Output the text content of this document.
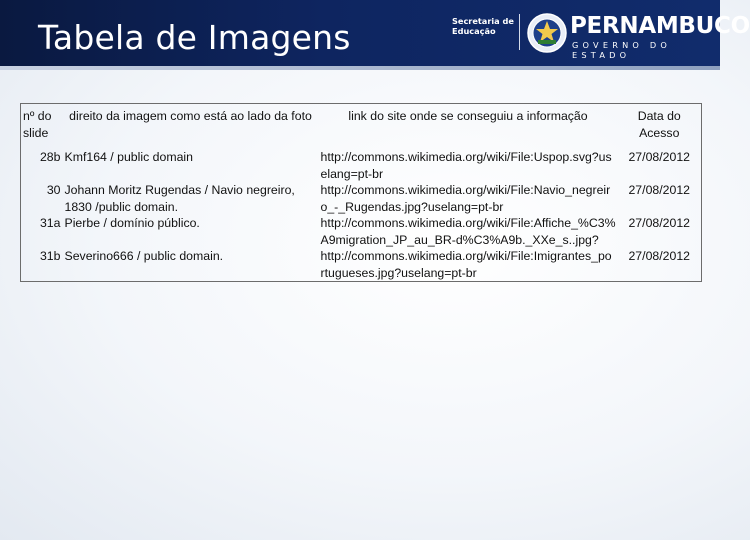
Tabela de Imagens	Secretaria de
Educação	PERNAMBUCO
GOVERNO DO ESTADO
nº do slide	direito da imagem como está ao lado da foto	link do site onde se conseguiu a informação	Data do Acesso
28b	Kmf164 / public domain	http://commons.wikimedia.org/wiki/File:Uspop.svg?uselang=pt-br	27/08/2012
30	Johann Moritz Rugendas / Navio negreiro, 1830 /public domain.	http://commons.wikimedia.org/wiki/File:Navio_negreiro_-_Rugendas.jpg?uselang=pt-br	27/08/2012
31a	Pierbe / domínio público.	http://commons.wikimedia.org/wiki/File:Affiche_%C3%A9migration_JP_au_BR-d%C3%A9b._XXe_s..jpg?	27/08/2012
31b	Severino666 / public domain.	http://commons.wikimedia.org/wiki/File:Imigrantes_portugueses.jpg?uselang=pt-br	27/08/2012
